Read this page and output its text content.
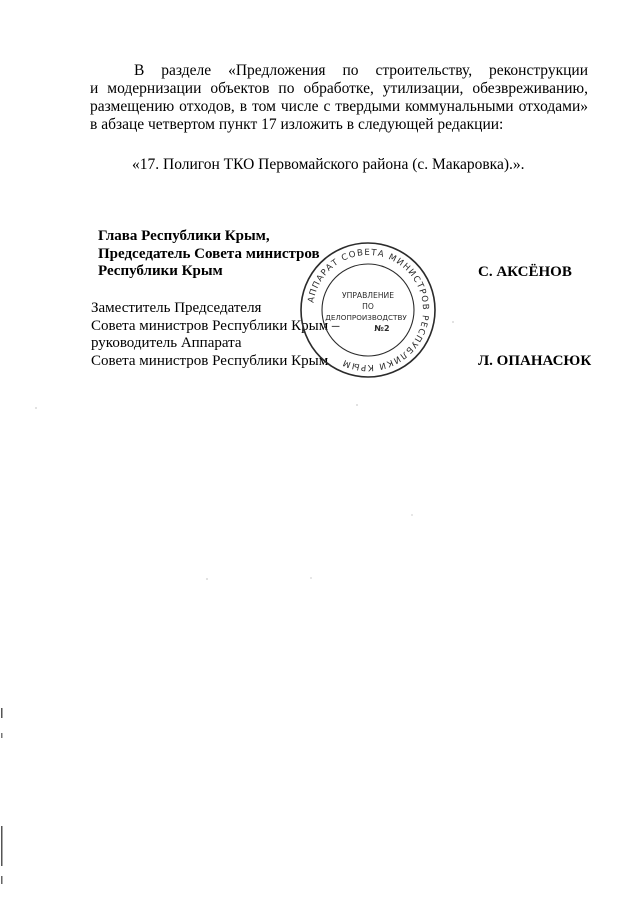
В разделе «Предложения по строительству, реконструкции
и модернизации объектов по обработке, утилизации, обезвреживанию,
размещению отходов, в том числе с твердыми коммунальными отходами»
в абзаце четвертом пункт 17 изложить в следующей редакции:
«17. Полигон ТКО Первомайского района (с. Макаровка).».
Глава Республики Крым,
Председатель Совета министров
Республики Крым	С. АКСЁНОВ
Заместитель Председателя
Совета министров Республики Крым –
руководитель Аппарата
Совета министров Республики Крым	Л. ОПАНАСЮК
АППАРАТ СОВЕТА МИНИСТРОВ РЕСПУБЛИКИ КРЫМ
УПРАВЛЕНИЕ
ПО
ДЕЛОПРОИЗВОДСТВУ
№2
